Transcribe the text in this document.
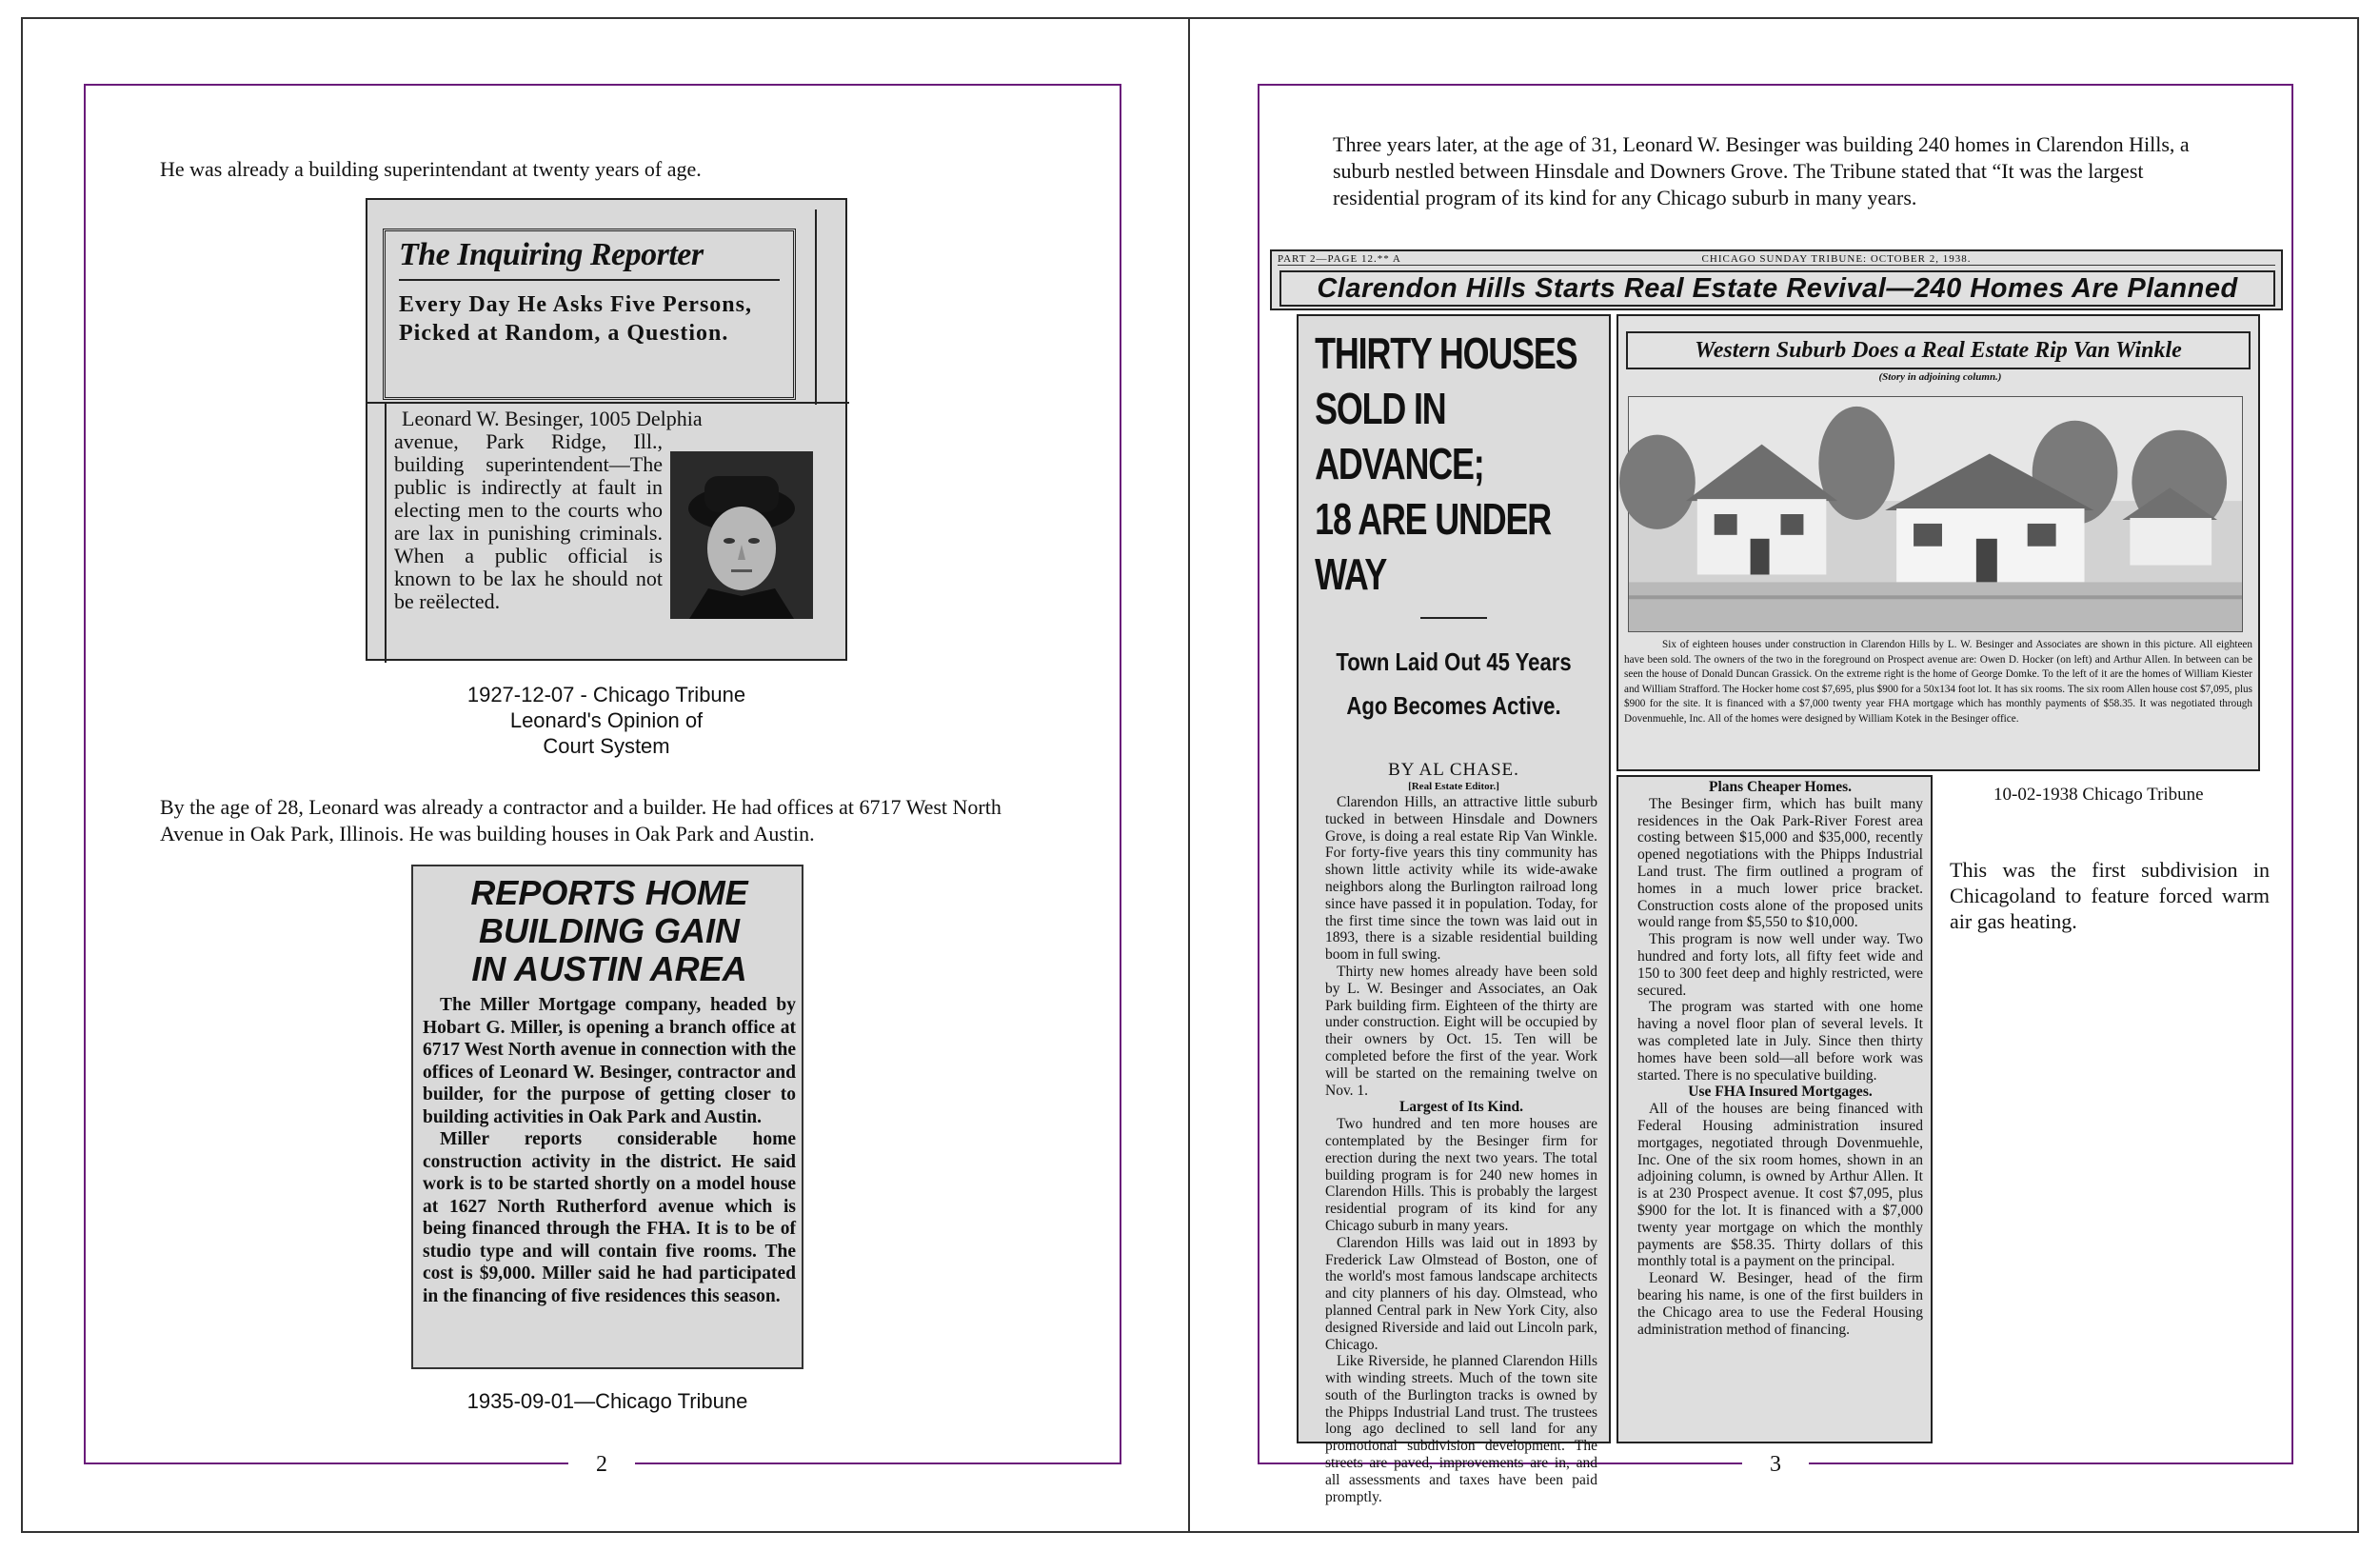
2
He was already a building superintendant at twenty years of age.
The Inquiring Reporter
Every Day He Asks Five Persons, Picked at Random, a Question.
Leonard W. Besinger, 1005 Delphia
avenue, Park Ridge, Ill., building superintendent—The public is indirectly at fault in electing men to the courts who are lax in punishing criminals. When a public official is known to be lax he should not be reëlected.
1927-12-07 - Chicago Tribune
Leonard's Opinion of
Court System
By the age of 28, Leonard was already a contractor and a builder. He had offices at 6717 West North Avenue in Oak Park, Illinois. He was building houses in Oak Park and Austin.
REPORTS HOME
BUILDING GAIN
IN AUSTIN AREA
The Miller Mortgage company, headed by Hobart G. Miller, is opening a branch office at 6717 West North avenue in connection with the offices of Leonard W. Besinger, contractor and builder, for the purpose of getting closer to building activities in Oak Park and Austin.
Miller reports considerable home construction activity in the district. He said work is to be started shortly on a model house at 1627 North Rutherford avenue which is being financed through the FHA. It is to be of studio type and will contain five rooms. The cost is $9,000. Miller said he had participated in the financing of five residences this season.
1935-09-01—Chicago Tribune
3
Three years later, at the age of 31, Leonard W. Besinger was building 240 homes in Clarendon Hills, a suburb nestled between Hinsdale and Downers Grove. The Tribune stated that “It was the largest residential program of its kind for any Chicago suburb in many years.
PART 2—PAGE 12.** A	CHICAGO SUNDAY TRIBUNE: OCTOBER 2, 1938.

Clarendon Hills Starts Real Estate Revival—240 Homes Are Planned
THIRTY HOUSES
SOLD IN ADVANCE;
18 ARE UNDER WAY
Town Laid Out 45 Years
Ago Becomes Active.
BY AL CHASE.
[Real Estate Editor.]
Clarendon Hills, an attractive little suburb tucked in between Hinsdale and Downers Grove, is doing a real estate Rip Van Winkle. For forty-five years this tiny community has shown little activity while its wide-awake neighbors along the Burlington railroad long since have passed it in population. Today, for the first time since the town was laid out in 1893, there is a sizable residential building boom in full swing.
Thirty new homes already have been sold by L. W. Besinger and Associates, an Oak Park building firm. Eighteen of the thirty are under construction. Eight will be occupied by their owners by Oct. 15. Ten will be completed before the first of the year. Work will be started on the remaining twelve on Nov. 1.
Largest of Its Kind.
Two hundred and ten more houses are contemplated by the Besinger firm for erection during the next two years. The total building program is for 240 new homes in Clarendon Hills. This is probably the largest residential program of its kind for any Chicago suburb in many years.
Clarendon Hills was laid out in 1893 by Frederick Law Olmstead of Boston, one of the world's most famous landscape architects and city planners of his day. Olmstead, who planned Central park in New York City, also designed Riverside and laid out Lincoln park, Chicago.
Like Riverside, he planned Clarendon Hills with winding streets. Much of the town site south of the Burlington tracks is owned by the Phipps Industrial Land trust. The trustees long ago declined to sell land for any promotional subdivision development. The streets are paved, improvements are in, and all assessments and taxes have been paid promptly.
Western Suburb Does a Real Estate Rip Van Winkle
(Story in adjoining column.)
Six of eighteen houses under construction in Clarendon Hills by L. W. Besinger and Associates are shown in this picture. All eighteen have been sold. The owners of the two in the foreground on Prospect avenue are: Owen D. Hocker (on left) and Arthur Allen. In between can be seen the house of Donald Duncan Grassick. On the extreme right is the home of George Domke. To the left of it are the homes of William Kiester and William Strafford. The Hocker home cost $7,695, plus $900 for a 50x134 foot lot. It has six rooms. The six room Allen house cost $7,095, plus $900 for the site. It is financed with a $7,000 twenty year FHA mortgage which has monthly payments of $58.35. It was negotiated through Dovenmuehle, Inc. All of the homes were designed by William Kotek in the Besinger office.
Plans Cheaper Homes.
The Besinger firm, which has built many residences in the Oak Park-River Forest area costing between $15,000 and $35,000, recently opened negotiations with the Phipps Industrial Land trust. The firm outlined a program of homes in a much lower price bracket. Construction costs alone of the proposed units would range from $5,550 to $10,000.
This program is now well under way. Two hundred and forty lots, all fifty feet wide and 150 to 300 feet deep and highly restricted, were secured.
The program was started with one home having a novel floor plan of several levels. It was completed late in July. Since then thirty homes have been sold—all before work was started. There is no speculative building.
Use FHA Insured Mortgages.
All of the houses are being financed with Federal Housing administration insured mortgages, negotiated through Dovenmuehle, Inc. One of the six room homes, shown in an adjoining column, is owned by Arthur Allen. It is at 230 Prospect avenue. It cost $7,095, plus $900 for the lot. It is financed with a $7,000 twenty year mortgage on which the monthly payments are $58.35. Thirty dollars of this monthly total is a payment on the principal.
Leonard W. Besinger, head of the firm bearing his name, is one of the first builders in the Chicago area to use the Federal Housing administration method of financing.
10-02-1938 Chicago Tribune
This was the first subdivision in Chicagoland to feature forced warm air gas heating.
